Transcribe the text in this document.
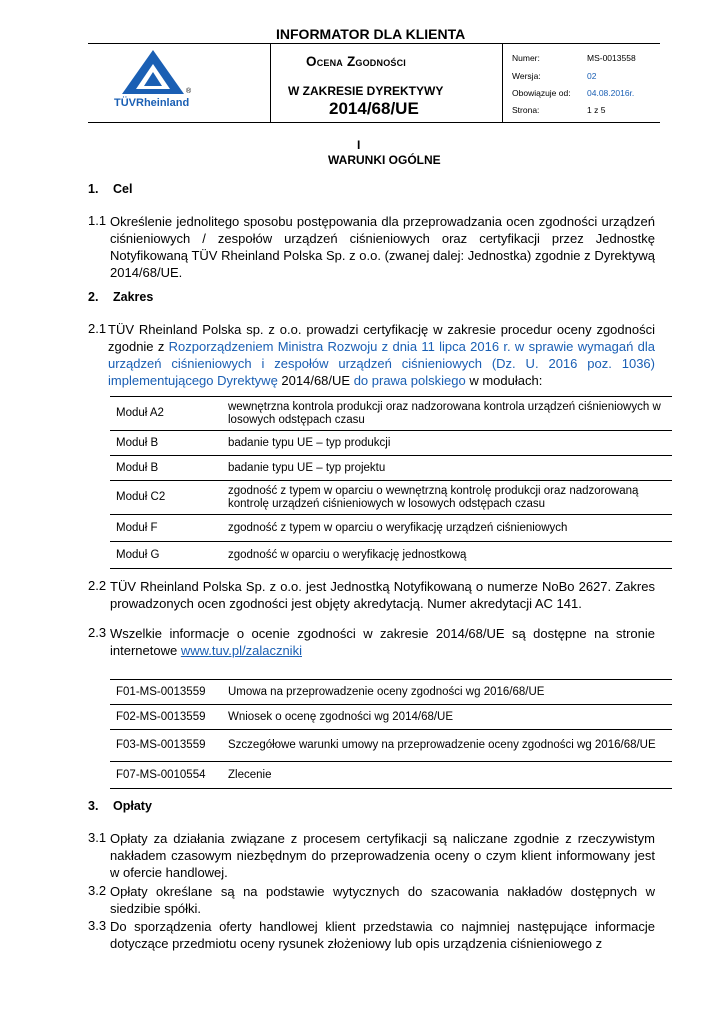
INFORMATOR DLA KLIENTA
®
TÜVRheinland
Ocena Zgodności
W ZAKRESIE DYREKTYWY
2014/68/UE
Numer:	MS-0013558
Wersja:	02
Obowiązuje od: 04.08.2016r.
Strona:	1 z 5
I
WARUNKI OGÓLNE
1. Cel
1.1 Określenie jednolitego sposobu postępowania dla przeprowadzania ocen zgodności urządzeń ciśnieniowych / zespołów urządzeń ciśnieniowych oraz certyfikacji przez Jednostkę Notyfikowaną TÜV Rheinland Polska Sp. z o.o. (zwanej dalej: Jednostka) zgodnie z Dyrektywą 2014/68/UE.
2. Zakres
2.1 TÜV Rheinland Polska sp. z o.o. prowadzi certyfikację w zakresie procedur oceny zgodności zgodnie z Rozporządzeniem Ministra Rozwoju z dnia 11 lipca 2016 r. w sprawie wymagań dla urządzeń ciśnieniowych i zespołów urządzeń ciśnieniowych (Dz. U. 2016 poz. 1036) implementującego Dyrektywę 2014/68/UE do prawa polskiego w modułach:
Moduł A2	wewnętrzna kontrola produkcji oraz nadzorowana kontrola urządzeń ciśnieniowych w losowych odstępach czasu
Moduł B	badanie typu UE – typ produkcji
Moduł B	badanie typu UE – typ projektu
Moduł C2	zgodność z typem w oparciu o wewnętrzną kontrolę produkcji oraz nadzorowaną kontrolę urządzeń ciśnieniowych w losowych odstępach czasu
Moduł F	zgodność z typem w oparciu o weryfikację urządzeń ciśnieniowych
Moduł G	zgodność w oparciu o weryfikację jednostkową
2.2 TÜV Rheinland Polska Sp. z o.o. jest Jednostką Notyfikowaną o numerze NoBo 2627. Zakres prowadzonych ocen zgodności jest objęty akredytacją. Numer akredytacji AC 141.
2.3 Wszelkie informacje o ocenie zgodności w zakresie 2014/68/UE są dostępne na stronie internetowe www.tuv.pl/zalaczniki
F01-MS-0013559	Umowa na przeprowadzenie oceny zgodności wg 2016/68/UE
F02-MS-0013559	Wniosek o ocenę zgodności wg 2014/68/UE
F03-MS-0013559	Szczegółowe warunki umowy na przeprowadzenie oceny zgodności wg 2016/68/UE
F07-MS-0010554	Zlecenie
3. Opłaty
3.1 Opłaty za działania związane z procesem certyfikacji są naliczane zgodnie z rzeczywistym nakładem czasowym niezbędnym do przeprowadzenia oceny o czym klient informowany jest w ofercie handlowej.
3.2 Opłaty określane są na podstawie wytycznych do szacowania nakładów dostępnych w siedzibie spółki.
3.3 Do sporządzenia oferty handlowej klient przedstawia co najmniej następujące informacje dotyczące przedmiotu oceny rysunek złożeniowy lub opis urządzenia ciśnieniowego z
